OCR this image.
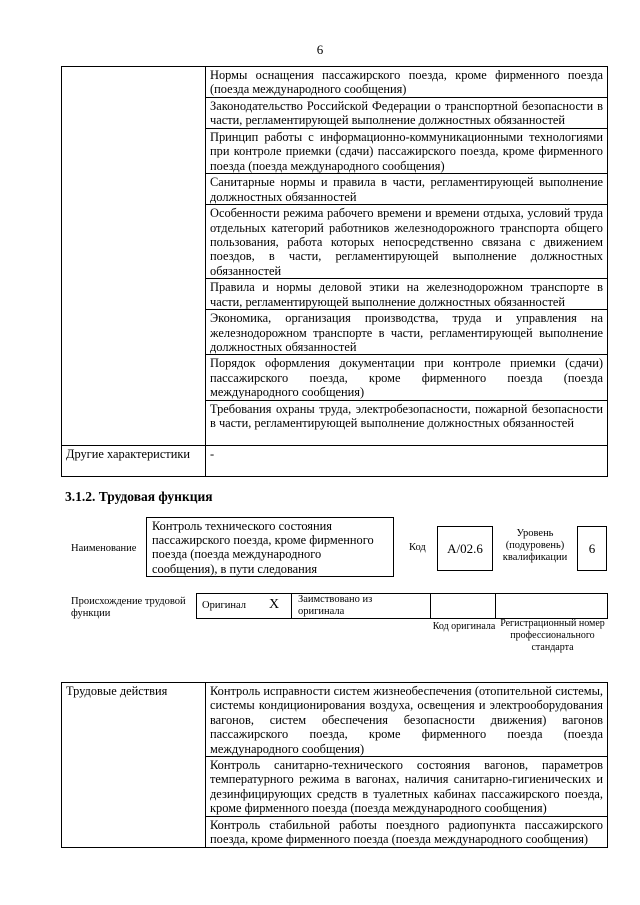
6

	Нормы оснащения пассажирского поезда, кроме фирменного поезда (поезда международного сообщения)

	Законодательство Российской Федерации о транспортной безопасности в части, регламентирующей выполнение должностных обязанностей

	Принцип работы с информационно-коммуникационными технологиями при контроле приемки (сдачи) пассажирского поезда, кроме фирменного поезда (поезда международного сообщения)

	Санитарные нормы и правила в части, регламентирующей выполнение должностных обязанностей

	Особенности режима рабочего времени и времени отдыха, условий труда отдельных категорий работников железнодорожного транспорта общего пользования, работа которых непосредственно связана с движением поездов, в части, регламентирующей выполнение должностных обязанностей

	Правила и нормы деловой этики на железнодорожном транспорте в части, регламентирующей выполнение должностных обязанностей

	Экономика, организация производства, труда и управления на железнодорожном транспорте в части, регламентирующей выполнение должностных обязанностей

	Порядок оформления документации при контроле приемки (сдачи) пассажирского поезда, кроме фирменного поезда (поезда международного сообщения)

	Требования охраны труда, электробезопасности, пожарной безопасности в части, регламентирующей выполнение должностных обязанностей

Другие характеристики	-
3.1.2. Трудовая функция
Наименование
Контроль технического состояния пассажирского поезда, кроме фирменного поезда (поезда международного сообщения), в пути следования
Код	А/02.6
Уровень (подуровень) квалификации
6
Происхождение трудовой функции
Оригинал X Заимствовано из оригинала
Код оригинала Регистрационный номер профессионального стандарта
Трудовые действия	Контроль исправности систем жизнеобеспечения (отопительной системы, системы кондиционирования воздуха, освещения и электрооборудования вагонов, систем обеспечения безопасности движения) вагонов пассажирского поезда, кроме фирменного поезда (поезда международного сообщения)

Контроль санитарно-технического состояния вагонов, параметров температурного режима в вагонах, наличия санитарно-гигиенических и дезинфицирующих средств в туалетных кабинах пассажирского поезда, кроме фирменного поезда (поезда международного сообщения)

Контроль стабильной работы поездного радиопункта пассажирского поезда, кроме фирменного поезда (поезда международного сообщения)
